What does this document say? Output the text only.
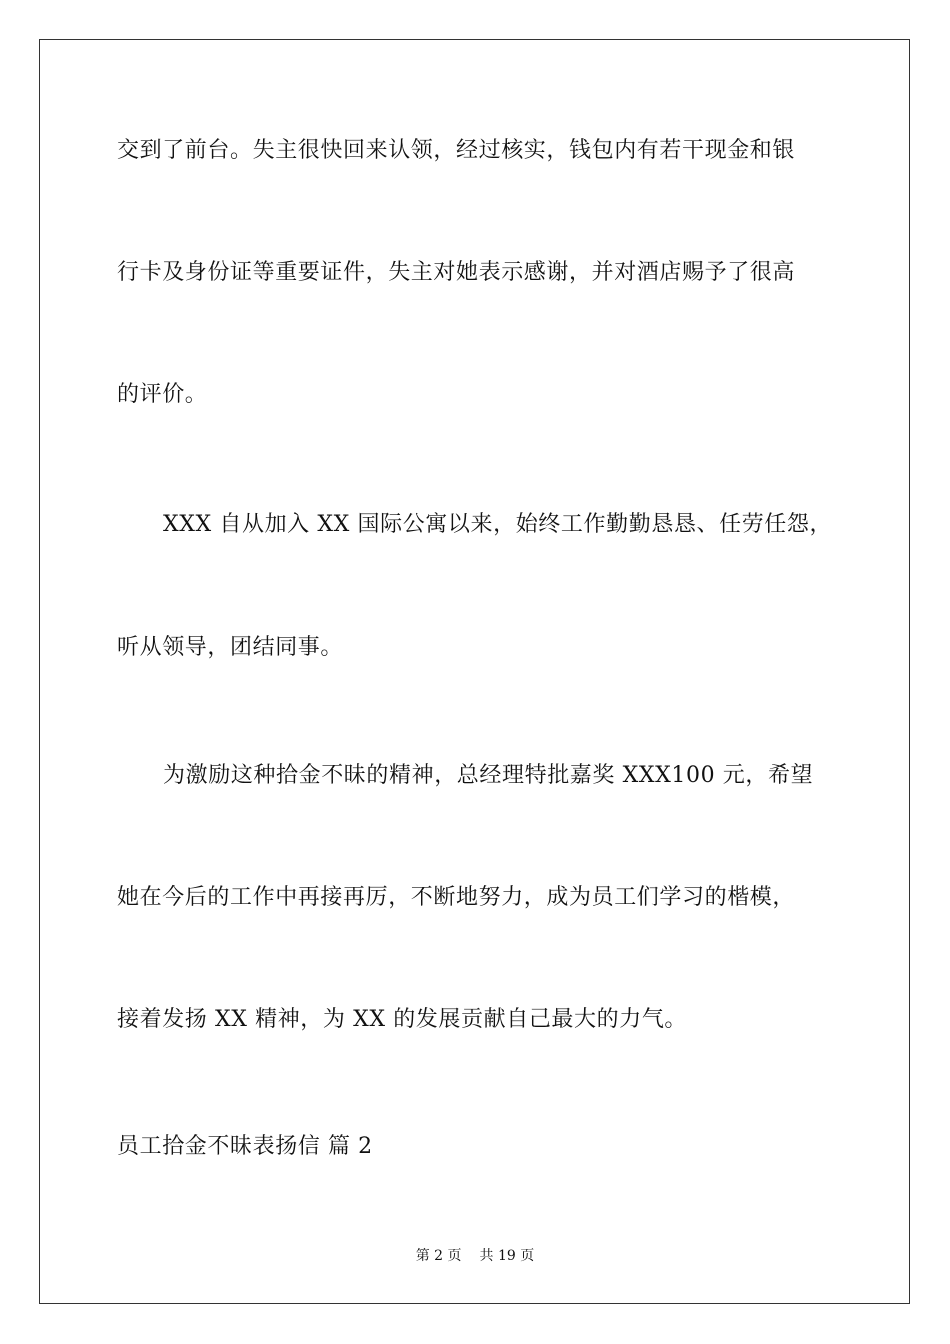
交到了前台。失主很快回来认领，经过核实，钱包内有若干现金和银
行卡及身份证等重要证件，失主对她表示感谢，并对酒店赐予了很高
的评价。
XXX 自从加入 XX 国际公寓以来，始终工作勤勤恳恳、任劳任怨，
听从领导，团结同事。
为激励这种拾金不昧的精神，总经理特批嘉奖 XXX100 元，希望
她在今后的工作中再接再厉，不断地努力，成为员工们学习的楷模，
接着发扬 XX 精神，为 XX 的发展贡献自己最大的力气。
员工拾金不昧表扬信 篇 2
第 2 页 共 19 页
